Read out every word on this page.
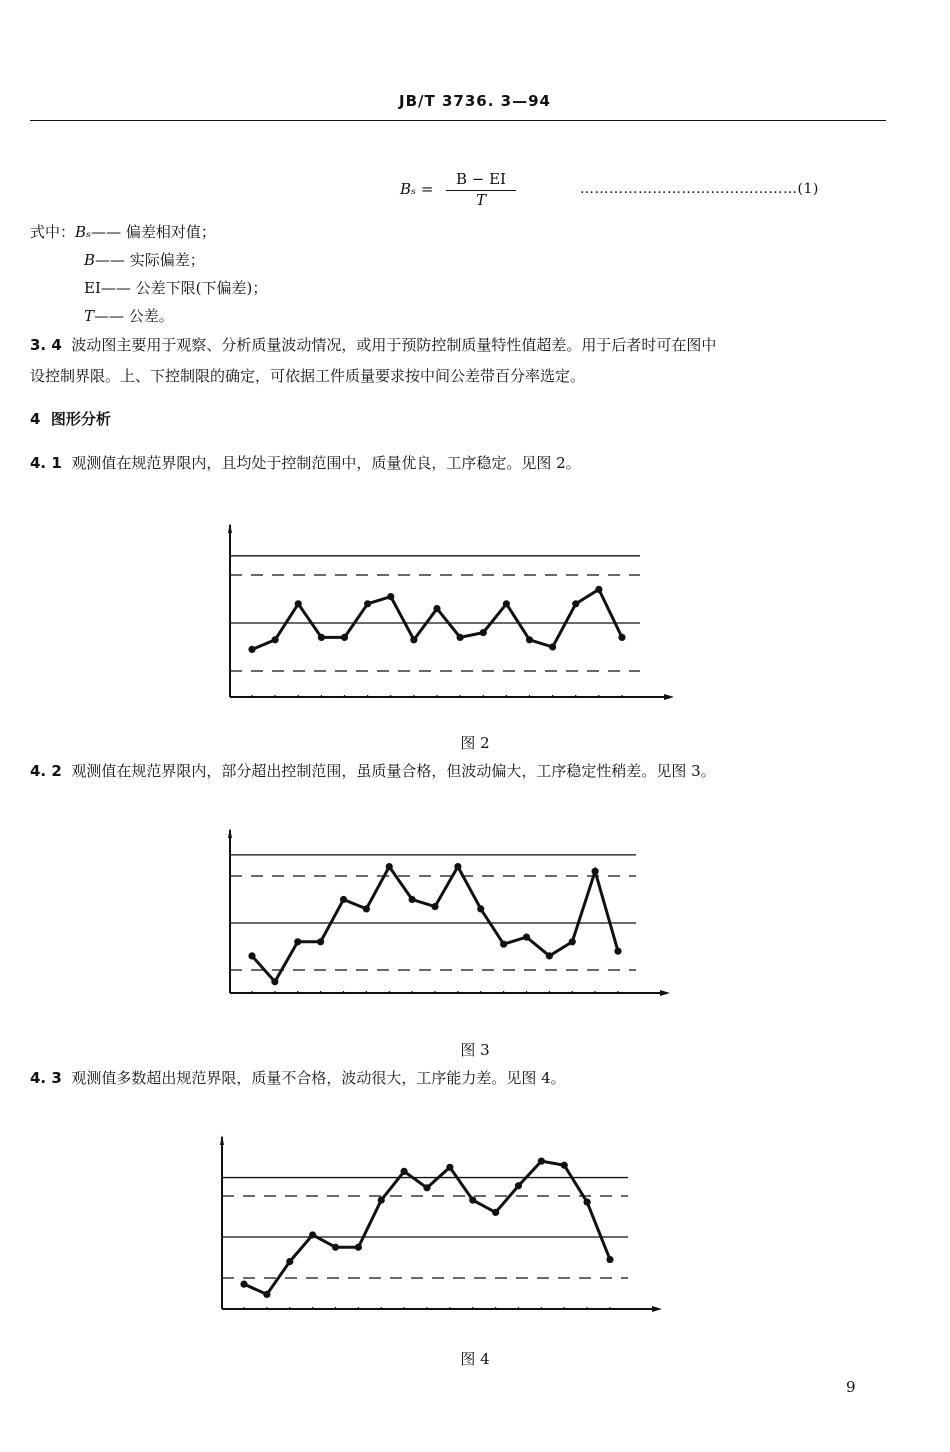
JB/T 3736. 3—94
Bₛ =
B − EI
T
………………………………………(1)
式中：Bₛ—— 偏差相对值；
B—— 实际偏差；
EI—— 公差下限(下偏差)；
T—— 公差。
3. 4 波动图主要用于观察、分析质量波动情况，或用于预防控制质量特性值超差。用于后者时可在图中
设控制界限。上、下控制限的确定，可依据工件质量要求按中间公差带百分率选定。
4 图形分析
4. 1 观测值在规范界限内，且均处于控制范围中，质量优良，工序稳定。见图 2。
图 2
4. 2 观测值在规范界限内，部分超出控制范围，虽质量合格，但波动偏大，工序稳定性稍差。见图 3。
图 3
4. 3 观测值多数超出规范界限，质量不合格，波动很大，工序能力差。见图 4。
图 4
9
